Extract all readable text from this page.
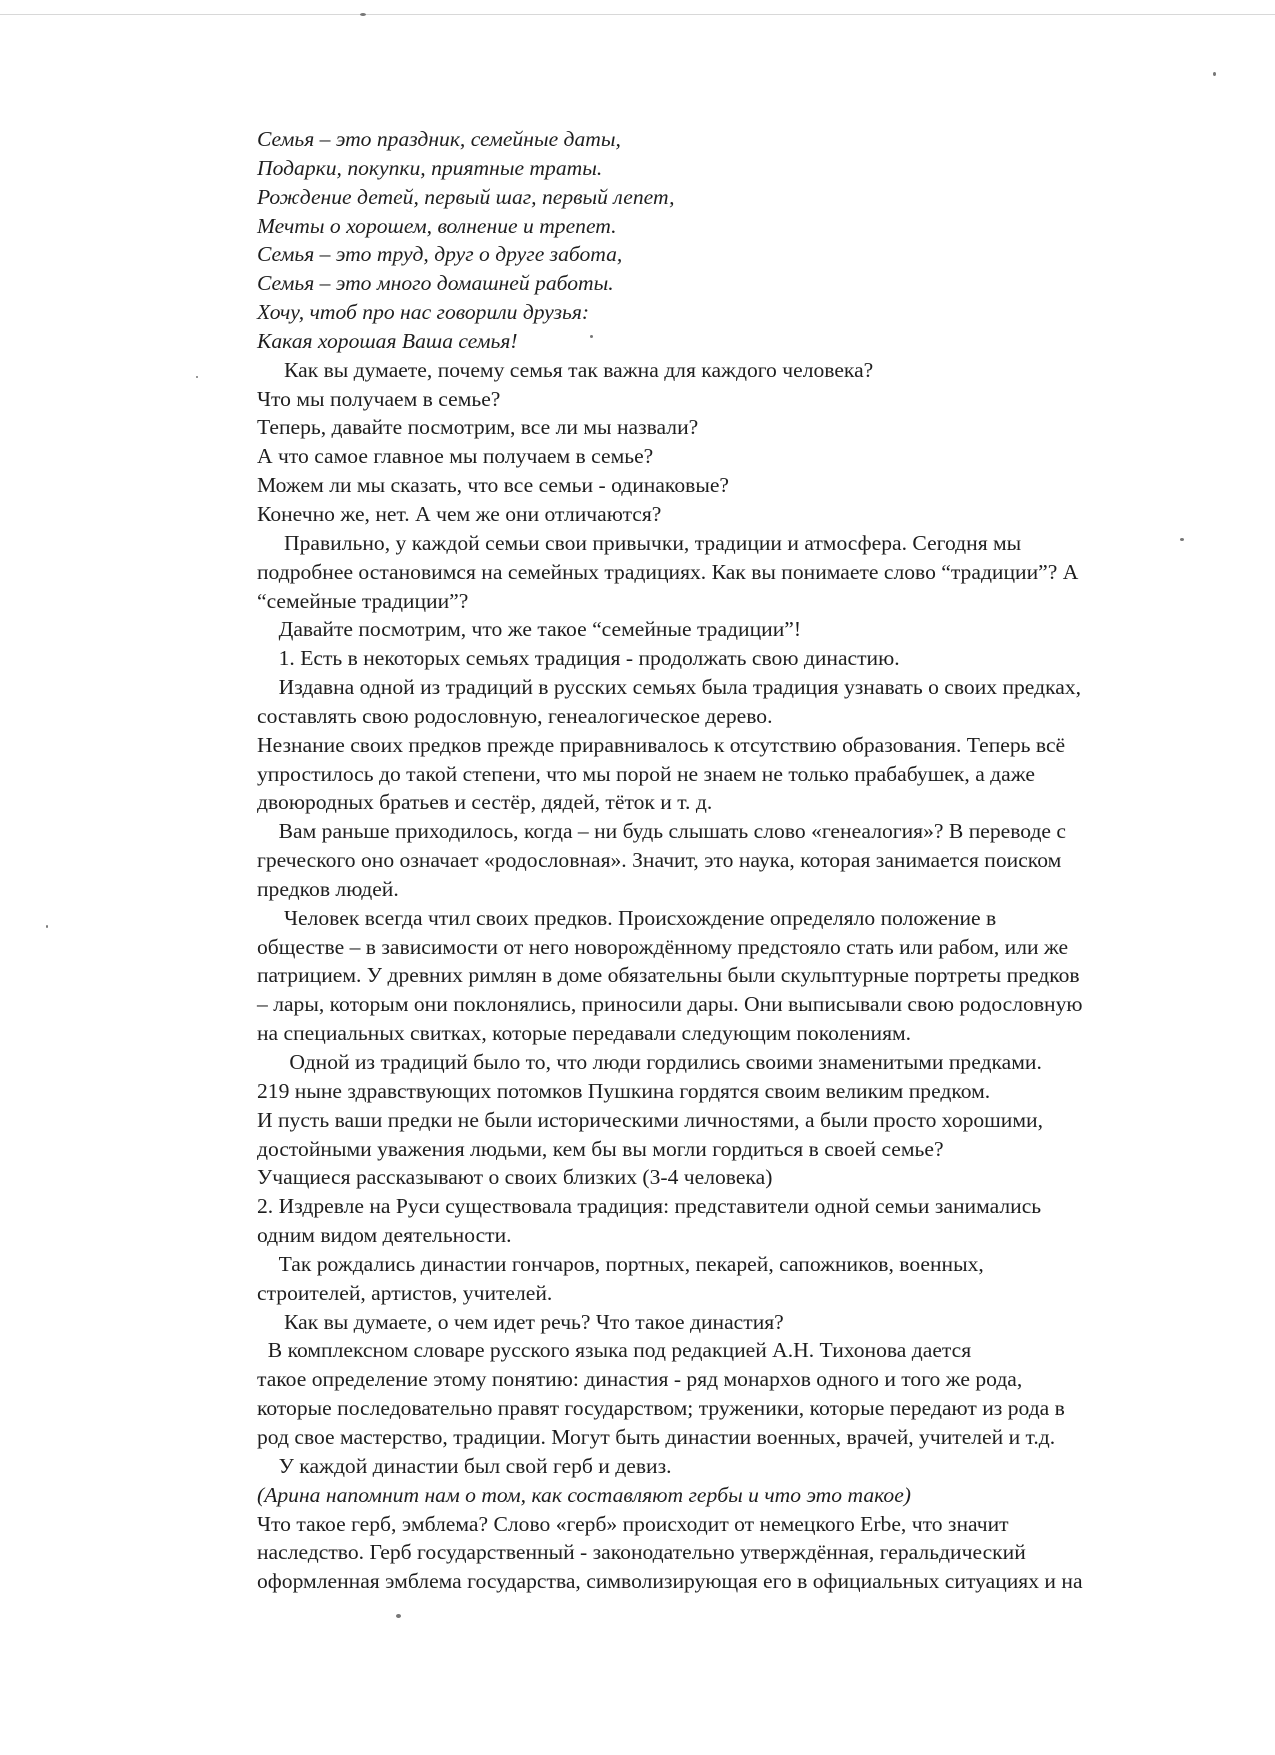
Семья – это праздник, семейные даты,
Подарки, покупки, приятные траты.
Рождение детей, первый шаг, первый лепет,
Мечты о хорошем, волнение и трепет.
Семья – это труд, друг о друге забота,
Семья – это много домашней работы.
Хочу, чтоб про нас говорили друзья:
Какая хорошая Ваша семья!
Как вы думаете, почему семья так важна для каждого человека?
Что мы получаем в семье?
Теперь, давайте посмотрим, все ли мы назвали?
А что самое главное мы получаем в семье?
Можем ли мы сказать, что все семьи - одинаковые?
Конечно же, нет. А чем же они отличаются?
Правильно, у каждой семьи свои привычки, традиции и атмосфера. Сегодня мы
подробнее остановимся на семейных традициях. Как вы понимаете слово “традиции”? А
“семейные традиции”?
Давайте посмотрим, что же такое “семейные традиции”!
1. Есть в некоторых семьях традиция - продолжать свою династию.
Издавна одной из традиций в русских семьях была традиция узнавать о своих предках,
составлять свою родословную, генеалогическое дерево.
Незнание своих предков прежде приравнивалось к отсутствию образования. Теперь всё
упростилось до такой степени, что мы порой не знаем не только прабабушек, а даже
двоюродных братьев и сестёр, дядей, тёток и т. д.
Вам раньше приходилось, когда – ни будь слышать слово «генеалогия»? В переводе с
греческого оно означает «родословная». Значит, это наука, которая занимается поиском
предков людей.
Человек всегда чтил своих предков. Происхождение определяло положение в
обществе – в зависимости от него новорождённому предстояло стать или рабом, или же
патрицием. У древних римлян в доме обязательны были скульптурные портреты предков
– лары, которым они поклонялись, приносили дары. Они выписывали свою родословную
на специальных свитках, которые передавали следующим поколениям.
Одной из традиций было то, что люди гордились своими знаменитыми предками.
219 ныне здравствующих потомков Пушкина гордятся своим великим предком.
И пусть ваши предки не были историческими личностями, а были просто хорошими,
достойными уважения людьми, кем бы вы могли гордиться в своей семье?
Учащиеся рассказывают о своих близких (3-4 человека)
2. Издревле на Руси существовала традиция: представители одной семьи занимались
одним видом деятельности.
Так рождались династии гончаров, портных, пекарей, сапожников, военных,
строителей, артистов, учителей.
Как вы думаете, о чем идет речь? Что такое династия?
В комплексном словаре русского языка под редакцией А.Н. Тихонова дается
такое определение этому понятию: династия - ряд монархов одного и того же рода,
которые последовательно правят государством; труженики, которые передают из рода в
род свое мастерство, традиции. Могут быть династии военных, врачей, учителей и т.д.
У каждой династии был свой герб и девиз.
(Арина напомнит нам о том, как составляют гербы и что это такое)
Что такое герб, эмблема? Слово «герб» происходит от немецкого Erbe, что значит
наследство. Герб государственный - законодательно утверждённая, геральдический
оформленная эмблема государства, символизирующая его в официальных ситуациях и на
